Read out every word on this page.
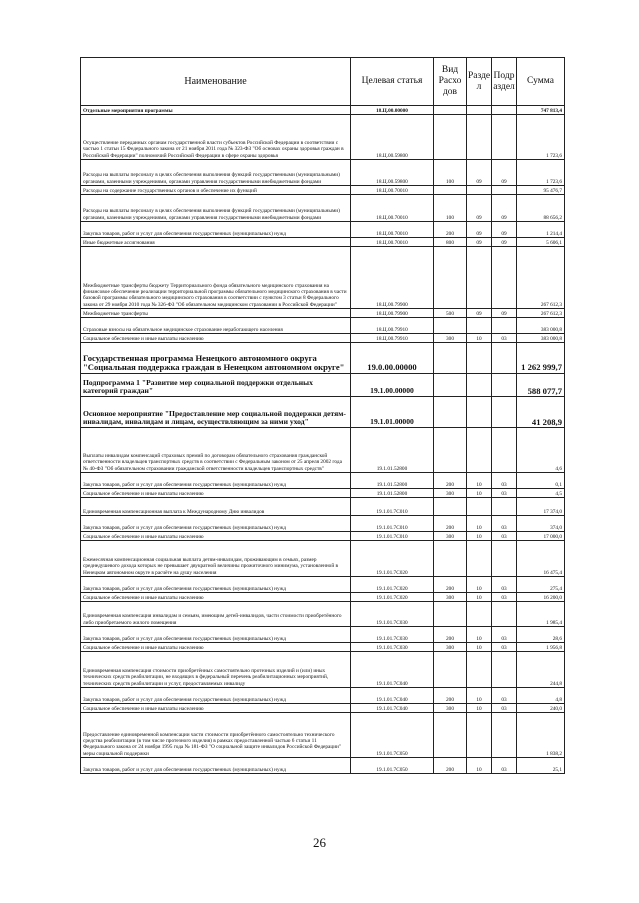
Наименование	Целевая статья	Вид Расхо дов	Разде л	Подр аздел	Сумма
Отдельные мероприятия программы	18.Ц.00.00000				747 813,4
Осуществление переданных органам государственной власти субъектов Российской Федерации в соответствии с частью 1 статьи 15 Федерального закона от 21 ноября 2011 года № 323-ФЗ "Об основах охраны здоровья граждан в Российской Федерации" полномочий Российской Федерации в сфере охраны здоровья	18.Ц.00.59800				1 723,6
Расходы на выплаты персоналу в целях обеспечения выполнения функций государственными (муниципальными) органами, казенными учреждениями, органами управления государственными внебюджетными фондами	18.Ц.00.59800	100	09	09	1 723,6
Расходы на содержание государственных органов и обеспечение их функций	18.Ц.00.70010				95 476,7
Расходы на выплаты персоналу в целях обеспечения выполнения функций государственными (муниципальными) органами, казенными учреждениями, органами управления государственными внебюджетными фондами	18.Ц.00.70010	100	09	09	88 656,2
Закупка товаров, работ и услуг для обеспечения государственных (муниципальных) нужд	18.Ц.00.70010	200	09	09	1 214,4
Иные бюджетные ассигнования	18.Ц.00.70010	800	09	09	5 606,1
Межбюджетные трансферты бюджету Территориального фонда обязательного медицинского страхования на финансовое обеспечение реализации территориальной программы обязательного медицинского страхования в части базовой программы обязательного медицинского страхования в соответствии с пунктом 3 статьи 8 Федерального закона от 29 ноября 2010 года № 326-ФЗ "Об обязательном медицинском страховании в Российской Федерации"	18.Ц.00.79900				267 612,3
Межбюджетные трансферты	18.Ц.00.79900	500	09	09	267 612,3
Страховые взносы на обязательное медицинское страхование неработающего населения	18.Ц.00.79910				383 000,8
Социальное обеспечение и иные выплаты населению	18.Ц.00.79910	300	10	03	383 000,8
Государственная программа Ненецкого автономного округа "Социальная поддержка граждан в Ненецком автономном округе"	19.0.00.00000				1 262 999,7
Подпрограмма 1 "Развитие мер социальной поддержки отдельных категорий граждан"	19.1.00.00000				588 077,7
Основное мероприятие "Предоставление мер социальной поддержки детям-инвалидам, инвалидам и лицам, осуществляющим за ними уход"	19.1.01.00000				41 208,9
Выплаты инвалидам компенсаций страховых премий по договорам обязательного страхования гражданской ответственности владельцев транспортных средств в соответствии с Федеральным законом от 25 апреля 2002 года № 40-ФЗ "Об обязательном страховании гражданской ответственности владельцев транспортных средств"	19.1.01.52800				4,6
Закупка товаров, работ и услуг для обеспечения государственных (муниципальных) нужд	19.1.01.52800	200	10	03	0,1
Социальное обеспечение и иные выплаты населению	19.1.01.52800	300	10	03	4,5
Единовременная компенсационная выплата к Международному Дню инвалидов	19.1.01.7С010				17 374,0
Закупка товаров, работ и услуг для обеспечения государственных (муниципальных) нужд	19.1.01.7С010	200	10	03	374,0
Социальное обеспечение и иные выплаты населению	19.1.01.7С010	300	10	03	17 000,0
Ежемесячная компенсационная социальная выплата детям-инвалидам, проживающим в семьях, размер среднедушевого дохода которых не превышает двукратной величины прожиточного минимума, установленной в Ненецком автономном округе в расчёте на душу населения	19.1.01.7С020				16 475,4
Закупка товаров, работ и услуг для обеспечения государственных (муниципальных) нужд	19.1.01.7С020	200	10	03	275,4
Социальное обеспечение и иные выплаты населению	19.1.01.7С020	300	10	03	16 200,0
Единовременная компенсация инвалидам и семьям, имеющим детей-инвалидов, части стоимости приобретённого либо приобретаемого жилого помещения	19.1.01.7С030				1 985,4
Закупка товаров, работ и услуг для обеспечения государственных (муниципальных) нужд	19.1.01.7С030	200	10	03	28,6
Социальное обеспечение и иные выплаты населению	19.1.01.7С030	300	10	03	1 956,8
Единовременная компенсация стоимости приобретённых самостоятельно протезных изделий и (или) иных технических средств реабилитации, не входящих в федеральный перечень реабилитационных мероприятий, технических средств реабилитации и услуг, предоставляемых инвалиду	19.1.01.7С040				244,8
Закупка товаров, работ и услуг для обеспечения государственных (муниципальных) нужд	19.1.01.7С040	200	10	03	4,8
Социальное обеспечение и иные выплаты населению	19.1.01.7С040	300	10	03	240,0
Предоставление единовременной компенсации части стоимости приобретённого самостоятельно технического средства реабилитации (в том числе протезного изделия) в рамках предоставленной частью 6 статьи 11 Федерального закона от 24 ноября 1995 года № 181-ФЗ "О социальной защите инвалидов Российской Федерации" меры социальной поддержки	19.1.01.7С050				1 838,2
Закупка товаров, работ и услуг для обеспечения государственных (муниципальных) нужд	19.1.01.7С050	200	10	03	25,1
26
